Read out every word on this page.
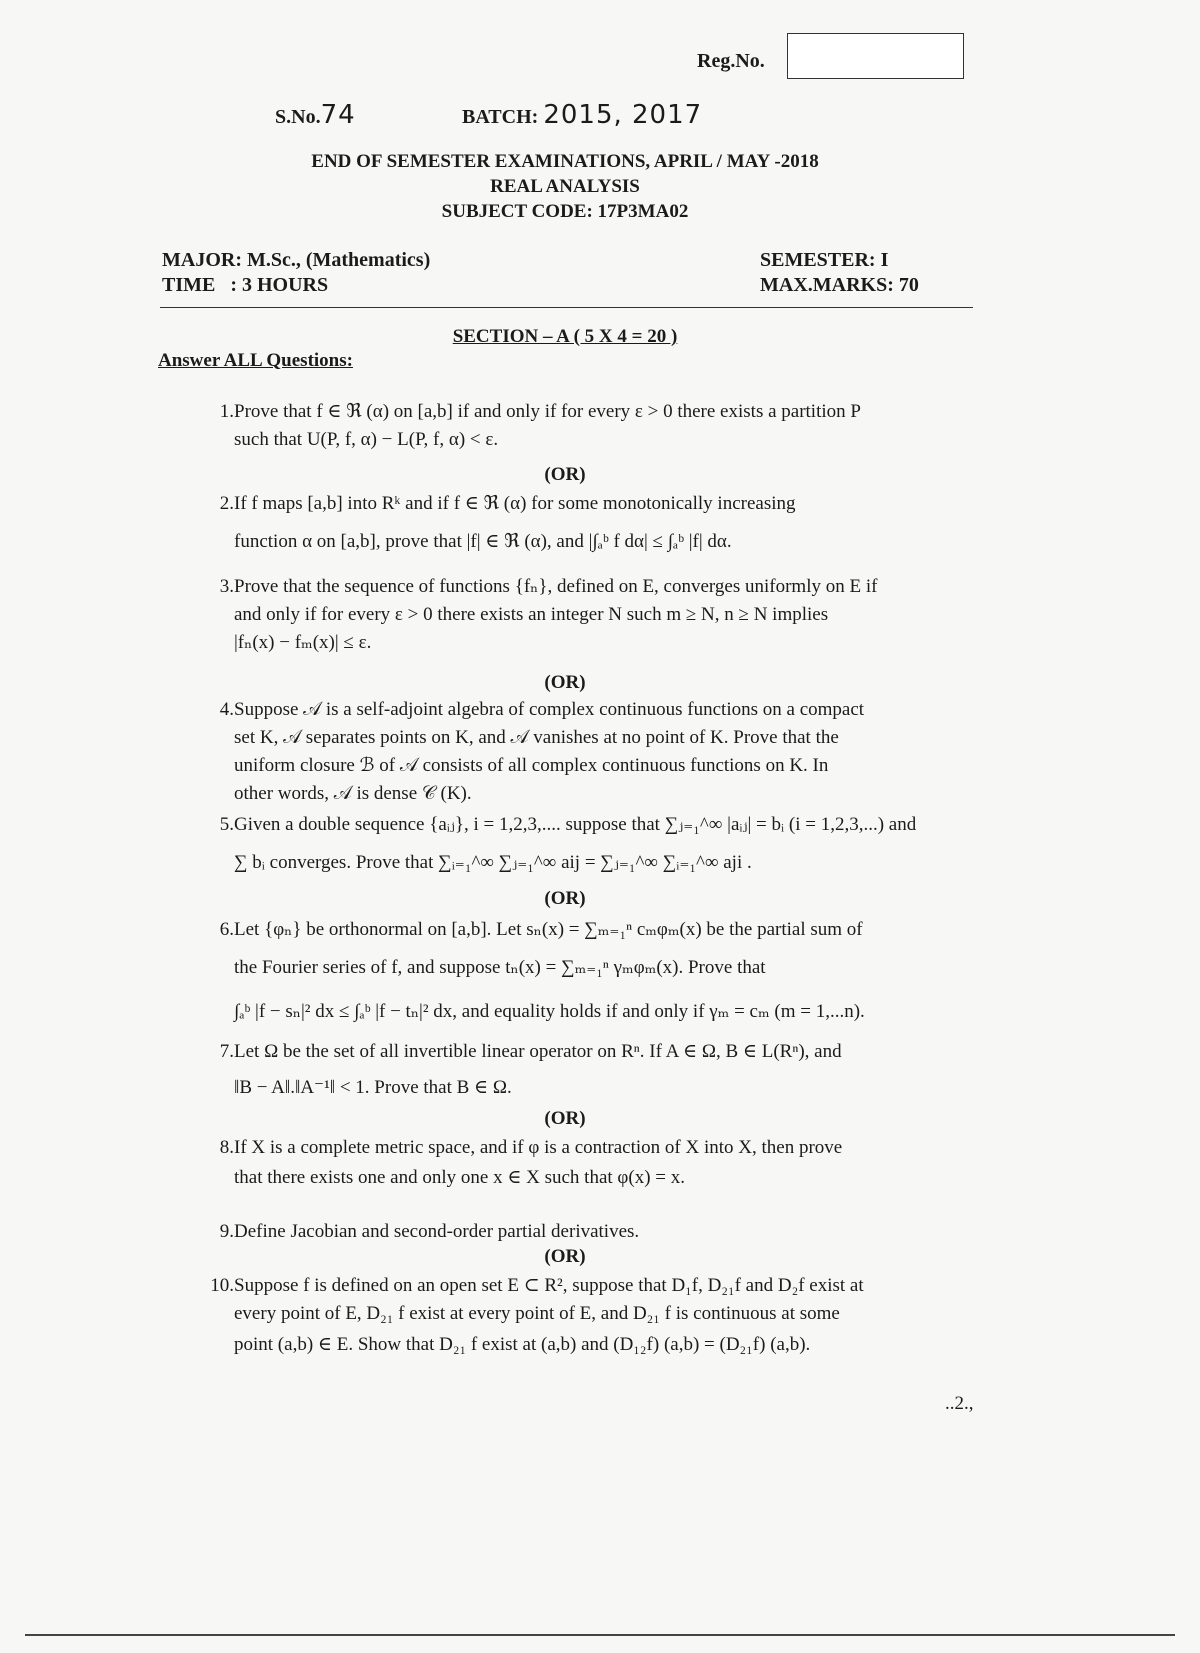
Reg.No.
S.No.74	BATCH: 2015, 2017
END OF SEMESTER EXAMINATIONS, APRIL / MAY -2018
REAL ANALYSIS
SUBJECT CODE: 17P3MA02
MAJOR: M.Sc., (Mathematics)
TIME   : 3 HOURS
SEMESTER: I
MAX.MARKS: 70
SECTION – A ( 5 X 4 = 20 )
Answer ALL Questions:
1. Prove that f ∈ ℜ (α) on [a,b] if and only if for every ε > 0 there exists a partition P
such that U(P, f, α) − L(P, f, α) < ε.
(OR)
2. If f maps [a,b] into Rᵏ and if f ∈ ℜ (α) for some monotonically increasing
function α on [a,b], prove that |f| ∈ ℜ (α), and |∫ₐᵇ f dα| ≤ ∫ₐᵇ |f| dα.
3. Prove that the sequence of functions {fₙ}, defined on E, converges uniformly on E if
and only if for every ε > 0 there exists an integer N such m ≥ N, n ≥ N implies
|fₙ(x) − fₘ(x)| ≤ ε.
(OR)
4. Suppose 𝒜 is a self-adjoint algebra of complex continuous functions on a compact
set K, 𝒜 separates points on K, and 𝒜 vanishes at no point of K. Prove that the
uniform closure ℬ of 𝒜 consists of all complex continuous functions on K. In
other words, 𝒜 is dense 𝒞 (K).
5. Given a double sequence {aᵢⱼ}, i = 1,2,3,.... suppose that ∑ⱼ₌₁^∞ |aᵢⱼ| = bᵢ (i = 1,2,3,...) and
∑ bᵢ converges. Prove that ∑ᵢ₌₁^∞ ∑ⱼ₌₁^∞ aij = ∑ⱼ₌₁^∞ ∑ᵢ₌₁^∞ aji .
(OR)
6. Let {φₙ} be orthonormal on [a,b]. Let sₙ(x) = ∑ₘ₌₁ⁿ cₘφₘ(x) be the partial sum of
the Fourier series of f, and suppose tₙ(x) = ∑ₘ₌₁ⁿ γₘφₘ(x). Prove that
∫ₐᵇ |f − sₙ|² dx ≤ ∫ₐᵇ |f − tₙ|² dx, and equality holds if and only if γₘ = cₘ (m = 1,...n).
7. Let Ω be the set of all invertible linear operator on Rⁿ. If A ∈ Ω, B ∈ L(Rⁿ), and
‖B − A‖.‖A⁻¹‖ < 1. Prove that B ∈ Ω.
(OR)
8. If X is a complete metric space, and if φ is a contraction of X into X, then prove
that there exists one and only one x ∈ X such that φ(x) = x.
9. Define Jacobian and second-order partial derivatives.
(OR)
10. Suppose f is defined on an open set E ⊂ R², suppose that D₁f, D₂₁f and D₂f exist at
every point of E, D₂₁ f exist at every point of E, and D₂₁ f is continuous at some
point (a,b) ∈ E. Show that D₂₁ f exist at (a,b) and (D₁₂f) (a,b) = (D₂₁f) (a,b).
..2.,
